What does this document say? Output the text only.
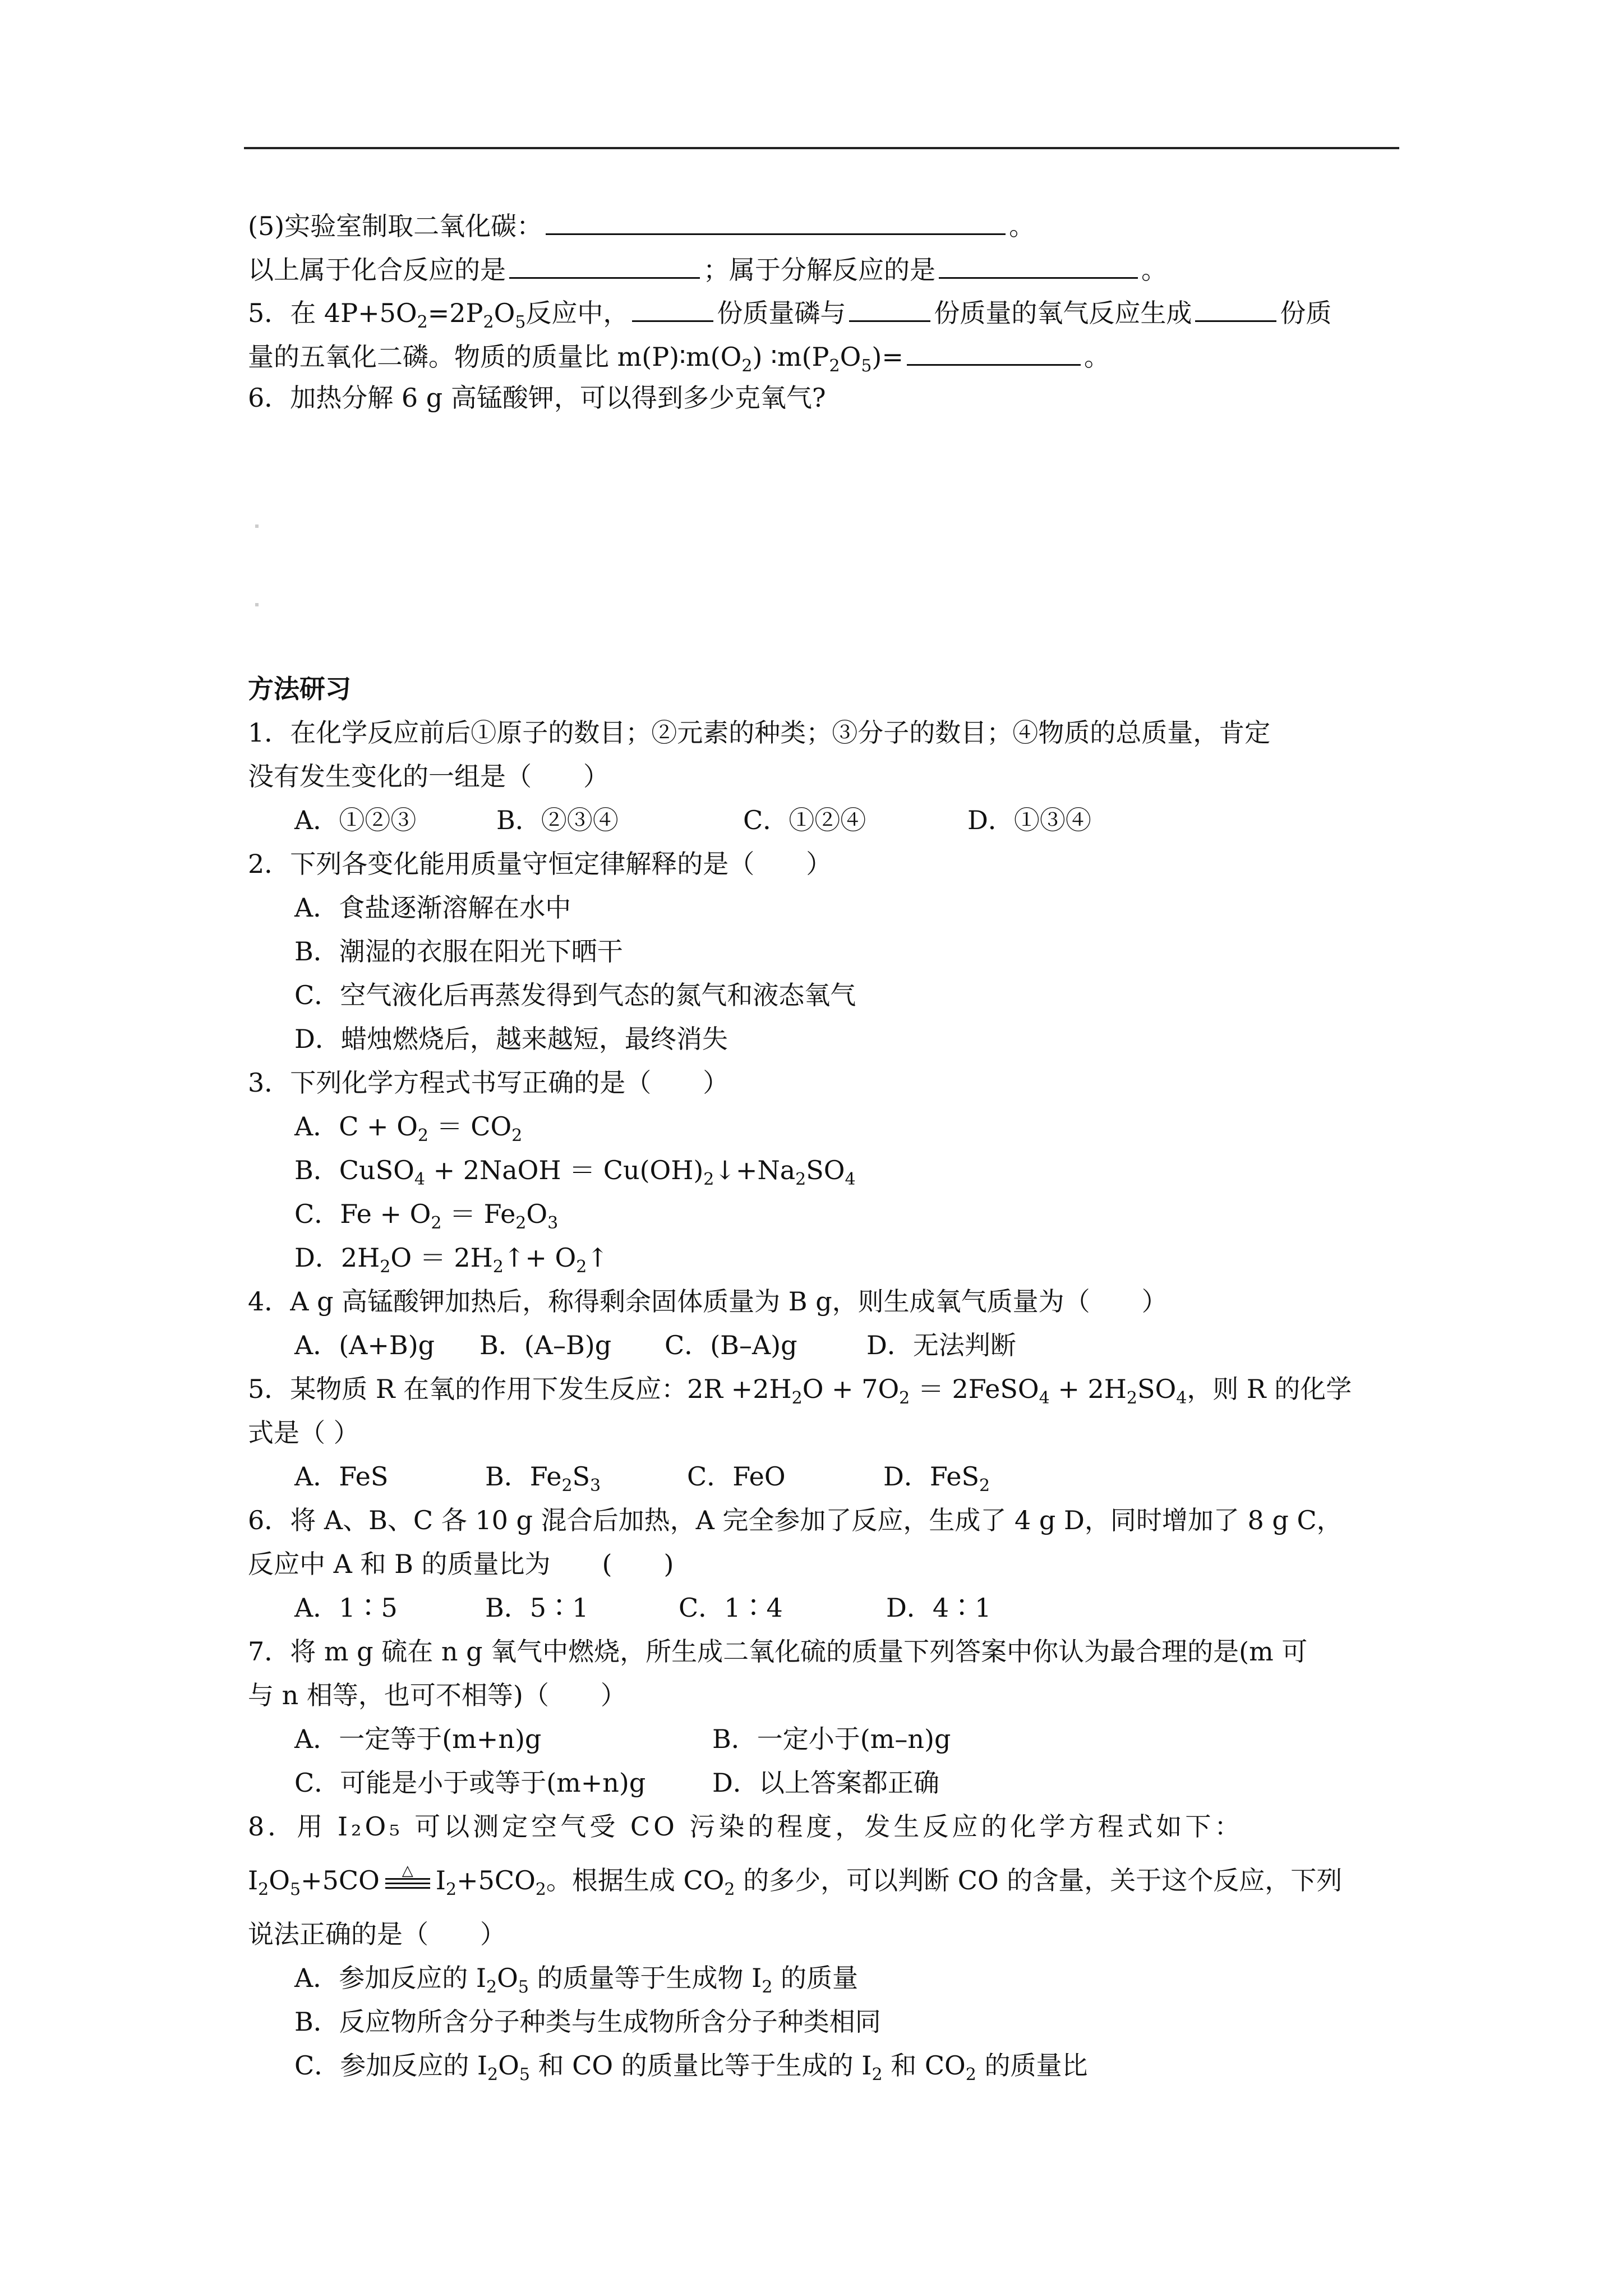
(5)实验室制取二氧化碳：	。
以上属于化合反应的是	；属于分解反应的是	。
5．在 $4P+5O_2=2P_2O_5$反应中，	份质量磷与	份质量的氧气反应生成	份质
量的五氧化二磷。物质的质量比 $m(P)∶m(O_2)$ $∶m(P_2O_5)=$	。
6．加热分解 6 g 高锰酸钾，可以得到多少克氧气?
方法研习
1．在化学反应前后①原子的数目；②元素的种类；③分子的数目；④物质的总质量，肯定
没有发生变化的一组是（　　）
A．①②③	B．②③④	C．①②④	D．①③④
2．下列各变化能用质量守恒定律解释的是（　　）
A．食盐逐渐溶解在水中
B．潮湿的衣服在阳光下晒干
C．空气液化后再蒸发得到气态的氮气和液态氧气
D．蜡烛燃烧后，越来越短，最终消失
3．下列化学方程式书写正确的是（　　）
A．$C + O_2 = CO_2$
B．CuSO$_4$ + 2NaOH ＝ $Cu(OH)_2↓+Na_2SO_4$
C．$Fe + O_2 = Fe_2O_3$
D．$2H_2O$ ＝ $2H_2↑+$ $O_2↑$
4．A g 高锰酸钾加热后，称得剩余固体质量为 B g，则生成氧气质量为（　　）
A．(A+B)g B．(A–B)g C．(B–A)g	D．无法判断
5．某物质 R 在氧的作用下发生反应：$2R +2H_2O + 7O_2$ ＝ 2FeSO$_4$ + $2H_2SO_4$，则 R 的化学
式是（ ）
A．FeS	B．$Fe_2S_3$	C．FeO	D．FeS$_2$
6．将 A、B、C 各 10 g 混合后加热，A 完全参加了反应，生成了 4 g D，同时增加了 8 g C，
反应中 A 和 B 的质量比为　　(　　)
A．1∶5	B．5∶1	C．1∶4	D．4∶1
7．将 m g 硫在 n g 氧气中燃烧，所生成二氧化硫的质量下列答案中你认为最合理的是(m 可
与 n 相等，也可不相等)（　　）
A．一定等于(m+n)g	B．一定小于(m–n)g
C．可能是小于或等于(m+n)g	D．以上答案都正确
8．用 I₂O₅ 可以测定空气受 CO 污染的程度，发生反应的化学方程式如下：
$I_2O_5+5CO$ △ $I_2+5CO_2$。根据生成 $CO_2$ 的多少，可以判断 CO 的含量，关于这个反应，下列
说法正确的是（　　）
A．参加反应的 $I_2O_5$ 的质量等于生成物 $I_2$ 的质量
B．反应物所含分子种类与生成物所含分子种类相同
C．参加反应的 $I_2O_5$ 和 CO 的质量比等于生成的 $I_2$ 和 $CO_2$ 的质量比
